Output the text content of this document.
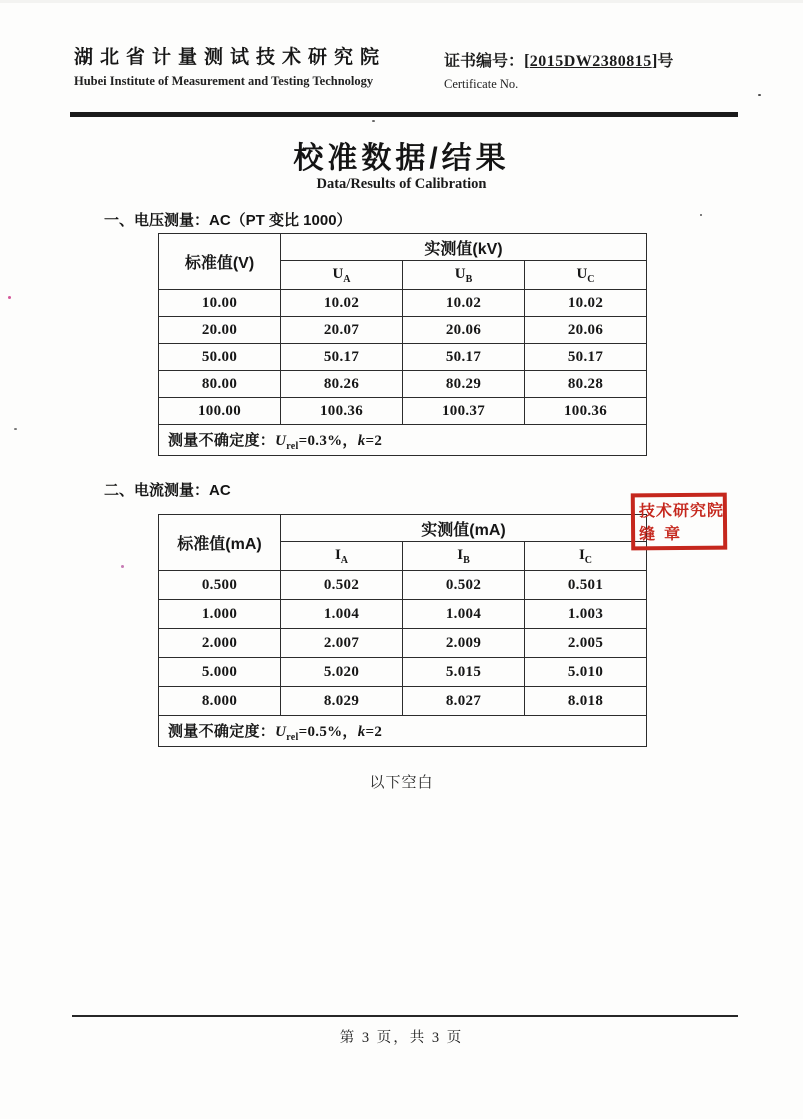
湖北省计量测试技术研究院
Hubei Institute of Measurement and Testing Technology
证书编号：[2015DW2380815]号
Certificate No.
校准数据/结果
Data/Results of Calibration
一、电压测量：AC（PT 变比 1000）
标准值(V)	实测值(kV)		
	$U_A$	$U_B$	$U_C$
10.00	10.02	10.02	10.02
20.00	20.07	20.06	20.06
50.00	50.17	50.17	50.17
80.00	80.26	80.29	80.28
100.00	100.36	100.37	100.36
测量不确定度：$U_{rel}=0.3\%$，k=2			
二、电流测量：AC
标准值(mA)	实测值(mA)		
	$I_A$	$I_B$	$I_C$
0.500	0.502	0.502	0.501
1.000	1.004	1.004	1.003
2.000	2.007	2.009	2.005
5.000	5.020	5.015	5.010
8.000	8.029	8.027	8.018
测量不确定度：$U_{rel}=0.5\%$，k=2			
技术研究院
缝章
以下空白
第 3 页，共 3 页
